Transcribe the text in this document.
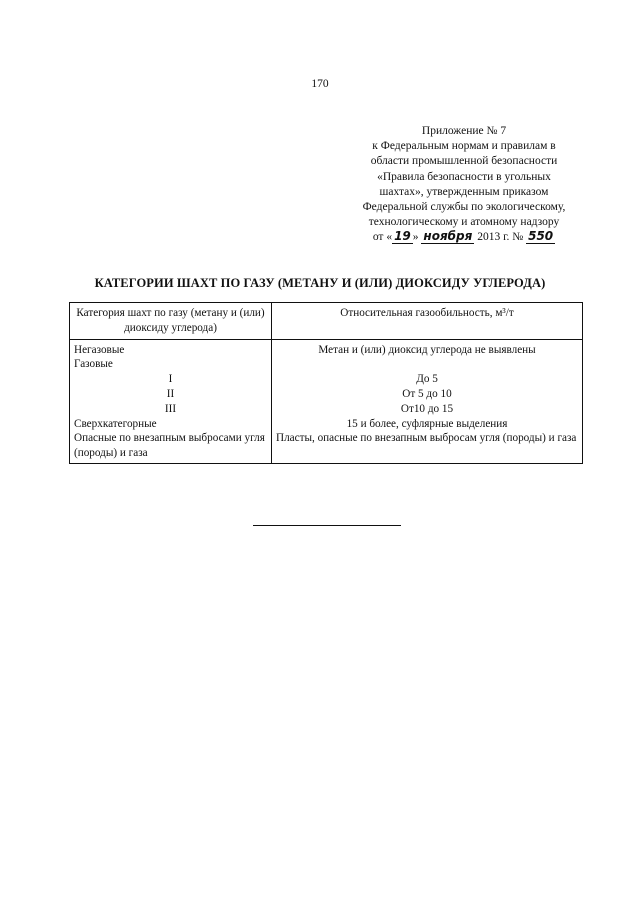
170
Приложение № 7
к Федеральным нормам и правилам в
области промышленной безопасности
«Правила безопасности в угольных
шахтах», утвержденным приказом
Федеральной службы по экологическому,
технологическому и атомному надзору
от « 19 » ноября 2013 г. № 550
КАТЕГОРИИ ШАХТ ПО ГАЗУ (МЕТАНУ И (ИЛИ) ДИОКСИДУ УГЛЕРОДА)
Категория шахт по газу (метану и (или) диоксиду углерода)	Относительная газообильность, м³/т
Негазовые	Метан и (или) диоксид углерода не выявлены
Газовые	
I	До 5
II	От 5 до 10
III	От10 до 15
Сверхкатегорные	15 и более, суфлярные выделения
Опасные по внезапным выбросами угля (породы) и газа	Пласты, опасные по внезапным выбросам угля (породы) и газа
